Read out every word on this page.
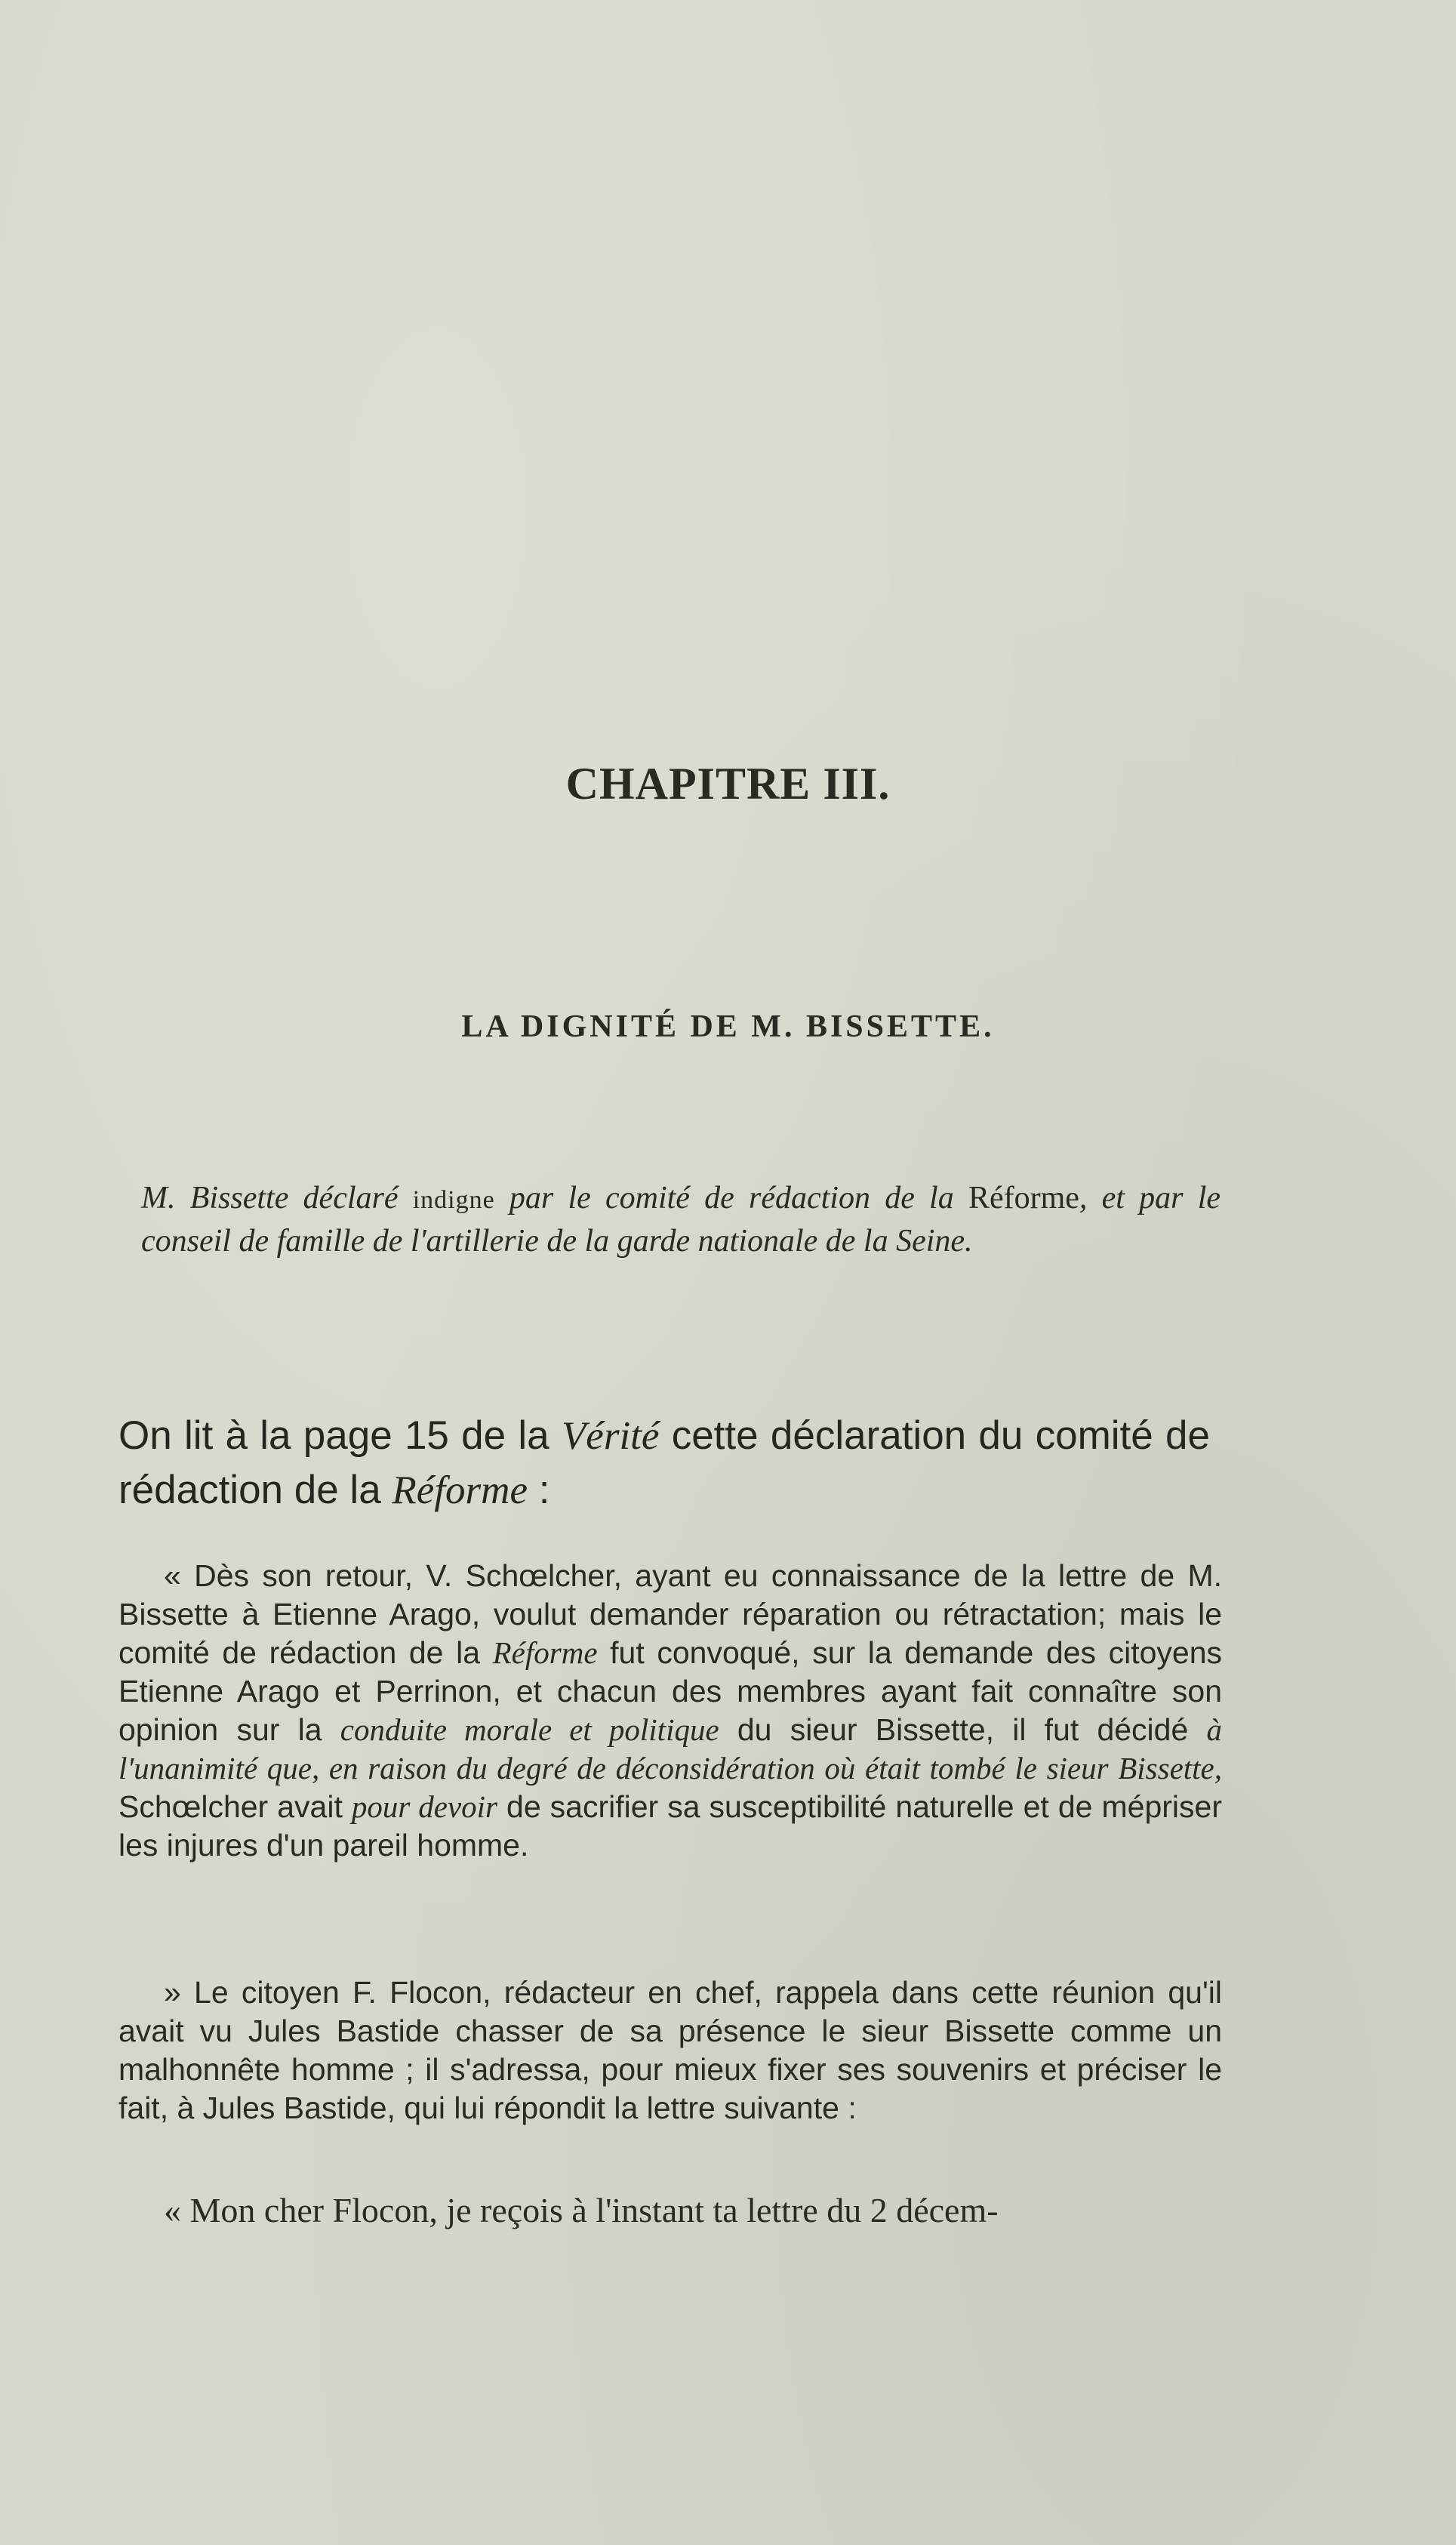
CHAPITRE III.
LA DIGNITÉ DE M. BISSETTE.

M. Bissette déclaré indigne par le comité de rédaction de la Réforme, et par le conseil de famille de l'artillerie de la garde nationale de la Seine.

On lit à la page 15 de la Vérité cette déclaration du comité de rédaction de la Réforme :

« Dès son retour, V. Schœlcher, ayant eu connaissance de la lettre de M. Bissette à Etienne Arago, voulut demander réparation ou rétractation; mais le comité de rédaction de la Réforme fut convoqué, sur la demande des citoyens Etienne Arago et Perrinon, et chacun des membres ayant fait connaître son opinion sur la conduite morale et politique du sieur Bissette, il fut décidé à l'unanimité que, en raison du degré de déconsidération où était tombé le sieur Bissette, Schœlcher avait pour devoir de sacrifier sa susceptibilité naturelle et de mépriser les injures d'un pareil homme.

» Le citoyen F. Flocon, rédacteur en chef, rappela dans cette réunion qu'il avait vu Jules Bastide chasser de sa présence le sieur Bissette comme un malhonnête homme ; il s'adressa, pour mieux fixer ses souvenirs et préciser le fait, à Jules Bastide, qui lui répondit la lettre suivante :

« Mon cher Flocon, je reçois à l'instant ta lettre du 2 décem-
